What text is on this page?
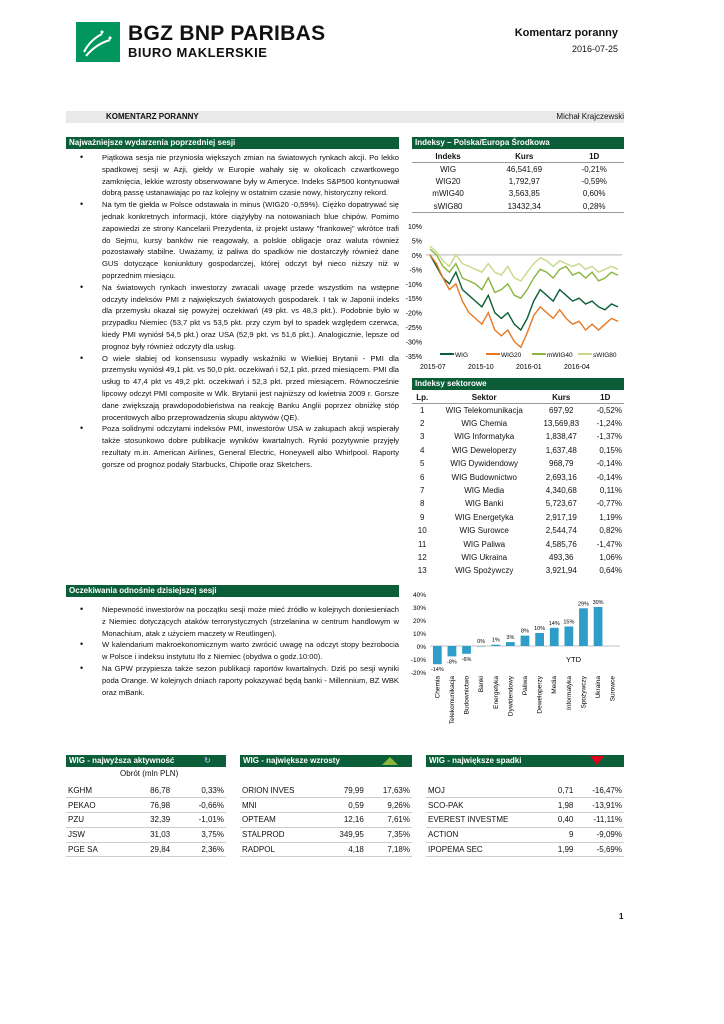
BGZ BNP PARIBAS
BIURO MAKLERSKIE
Komentarz poranny
2016-07-25
KOMENTARZ PORANNY	Michał Krajczewski
Najważniejsze wydarzenia poprzedniej sesji
• Piątkowa sesja nie przyniosła większych zmian na światowych rynkach akcji. Po lekko spadkowej sesji w Azji, giełdy w Europie wahały się w okolicach czwartkowego zamknięcia, lekkie wzrosty obserwowane były w Ameryce. Indeks S&P500 kontynuował dobrą passę ustanawiając po raz kolejny w ostatnim czasie nowy, historyczny rekord.
• Na tym tle giełda w Polsce odstawała in minus (WIG20 -0,59%). Ciężko dopatrywać się jednak konkretnych informacji, które ciążyłyby na notowaniach blue chipów. Pomimo zapowiedzi ze strony Kancelarii Prezydenta, iż projekt ustawy "frankowej" wkrótce trafi do Sejmu, kursy banków nie reagowały, a polskie obligacje oraz waluta również pozostawały stabilne. Uważamy, iż paliwa do spadków nie dostarczyły również dane GUS dotyczące koniunktury gospodarczej, której odczyt był nieco niższy niż w poprzednim miesiącu.
• Na światowych rynkach inwestorzy zwracali uwagę przede wszystkim na wstępne odczyty indeksów PMI z największych światowych gospodarek. I tak w Japonii indeks dla przemysłu okazał się powyżej oczekiwań (49 pkt. vs 48,3 pkt.). Podobnie było w przypadku Niemiec (53,7 pkt vs 53,5 pkt. przy czym był to spadek względem czerwca, kiedy PMI wyniósł 54,5 pkt.) oraz USA (52,9 pkt. vs 51,6 pkt.). Analogicznie, lepsze od prognoz były również odczyty dla usług.
• O wiele słabiej od konsensusu wypadły wskaźniki w Wielkiej Brytanii - PMI dla przemysłu wyniósł 49,1 pkt. vs 50,0 pkt. oczekiwań i 52,1 pkt. przed miesiącem. PMI dla usług to 47,4 pkt vs 49,2 pkt. oczekiwań i 52,3 pkt. przed miesiącem. Równocześnie lipcowy odczyt PMI composite w Wlk. Brytanii jest najniższy od kwietnia 2009 r. Gorsze dane zwiększają prawdopodobieństwa na reakcję Banku Anglii poprzez obniżkę stóp procentowych albo przeprowadzenia skupu aktywów (QE).
• Poza solidnymi odczytami indeksów PMI, inwestorów USA w zakupach akcji wspierały także stosunkowo dobre publikacje wyników kwartalnych. Rynki pozytywnie przyjęły rezultaty m.in. American Airlines, General Electric, Honeywell albo Whirlpool. Raporty gorsze od prognoz podały Starbucks, Chipotle oraz Sketchers.
Oczekiwania odnośnie dzisiejszej sesji
• Niepewność inwestorów na początku sesji może mieć źródło w kolejnych doniesieniach z Niemiec dotyczących ataków terrorystycznych (strzelanina w centrum handlowym w Monachium, atak z użyciem maczety w Reutlingen).
• W kalendarium makroekonomicznym warto zwrócić uwagę na odczyt stopy bezrobocia w Polsce i indeksu instytutu Ifo z Niemiec (obydwa o godz.10:00).
• Na GPW przypiesza także sezon publikacji raportów kwartalnych. Dziś po sesji wyniki poda Orange. W kolejnych dniach raporty pokazywać będą banki - Millennium, BZ WBK oraz mBank.
Indeksy – Polska/Europa Środkowa
Indeks	Kurs	1D
WIG	46,541,69	-0,21%
WIG20	1,792,97	-0,59%
mWIG40	3,563,85	0,60%
sWIG80	13432,34	0,28%
10%
5%
0%
-5%
-10%
-15%
-20%
-25%
-30%
-35%
2015-07	2015-10	2016-01	2016-04
WIG	WIG20	mWIG40	sWIG80
Indeksy sektorowe
Lp.	Sektor	Kurs	1D
1	WIG Telekomunikacja	697,92	-0,52%
2	WIG Chemia	13,569,83	-1,24%
3	WIG Informatyka	1,838,47	-1,37%
4	WIG Deweloperzy	1,637,48	0,15%
5	WIG Dywidendowy	968,79	-0,14%
6	WIG Budownictwo	2,693,16	-0,14%
7	WIG Media	4,340,68	0,11%
8	WIG Banki	5,723,67	-0,77%
9	WIG Energetyka	2,917,19	1,19%
10	WIG Surowce	2,544,74	0,82%
11	WIG Paliwa	4,585,76	-1,47%
12	WIG Ukraina	493,36	1,06%
13	WIG Spożywczy	3,921,94	0,64%
40%
30%
20%
10%
0%
-10%
-20% -14%
Chemia
-8%
Telekomunikacja
-6%
Budownictwo
0%
Banki
1%
Energetyka
3%
Dywidendowy
8%
Paliwa
10%
Deweloperzy
14%
Media
15%
Informatyka
29%
Spożywczy
30%
Ukraina Surowce
YTD
WIG - najwyższa aktywność	↻
Obrót (mln PLN)
KGHM	86,78	0,33%
PEKAO	76,98	-0,66%
PZU	32,39	-1,01%
JSW	31,03	3,75%
PGE SA	29,84	2,36%
WIG - największe wzrosty
ORION INVES	79,99	17,63%
MNI	0,59	9,26%
OPTEAM	12,16	7,61%
STALPROD	349,95	7,35%
RADPOL	4,18	7,18%
WIG - największe spadki
MOJ	0,71	-16,47%
SCO-PAK	1,98	-13,91%
EVEREST INVESTME	0,40	-11,11%
ACTION	9	-9,09%
IPOPEMA SEC	1,99	-5,69%
1
